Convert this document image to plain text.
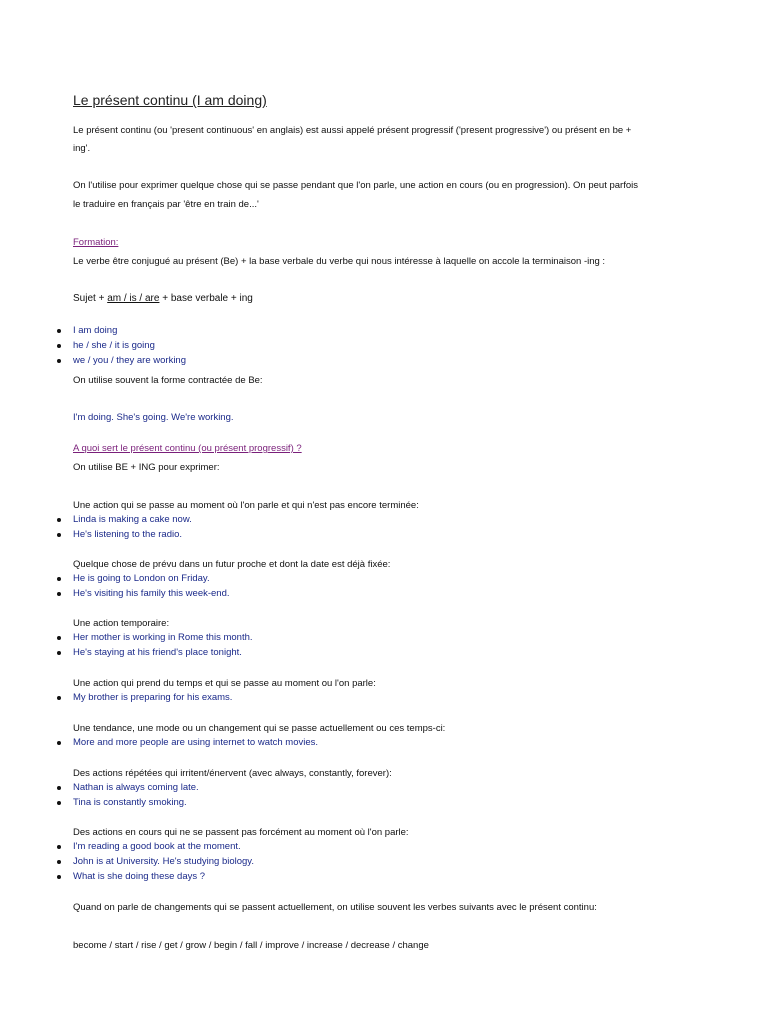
Le présent continu (I am doing)
Le présent continu (ou 'present continuous' en anglais) est aussi appelé présent progressif ('present progressive') ou présent en be +
ing'.
On l'utilise pour exprimer quelque chose qui se passe pendant que l'on parle, une action en cours (ou en progression). On peut parfois
le traduire en français par 'être en train de...'
Formation:
Le verbe être conjugué au présent (Be) + la base verbale du verbe qui nous intéresse à laquelle on accole la terminaison -ing :
Sujet + am / is / are + base verbale + ing
I am doing
he / she / it is going
we / you / they are working
On utilise souvent la forme contractée de Be:
I'm doing. She's going. We're working.
A quoi sert le présent continu (ou présent progressif) ?
On utilise BE + ING pour exprimer:
Une action qui se passe au moment où l'on parle et qui n'est pas encore terminée:
Linda is making a cake now.
He's listening to the radio.
Quelque chose de prévu dans un futur proche et dont la date est déjà fixée:
He is going to London on Friday.
He's visiting his family this week-end.
Une action temporaire:
Her mother is working in Rome this month.
He's staying at his friend's place tonight.
Une action qui prend du temps et qui se passe au moment ou l'on parle:
My brother is preparing for his exams.
Une tendance, une mode ou un changement qui se passe actuellement ou ces temps-ci:
More and more people are using internet to watch movies.
Des actions répétées qui irritent/énervent (avec always, constantly, forever):
Nathan is always coming late.
Tina is constantly smoking.
Des actions en cours qui ne se passent pas forcément au moment où l'on parle:
I'm reading a good book at the moment.
John is at University. He's studying biology.
What is she doing these days ?
Quand on parle de changements qui se passent actuellement, on utilise souvent les verbes suivants avec le présent continu:
become / start / rise / get / grow / begin / fall / improve / increase / decrease / change
